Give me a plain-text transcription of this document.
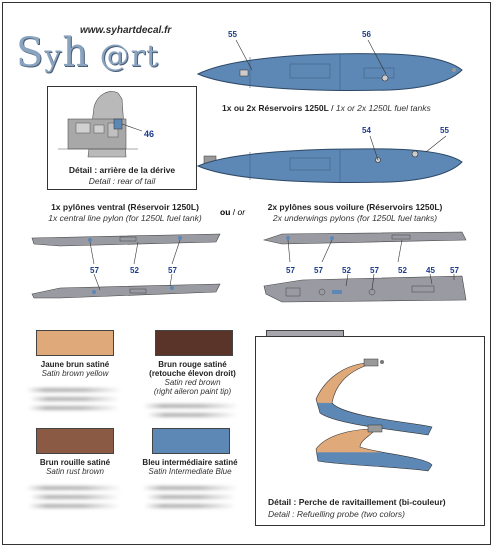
www.syhartdecal.fr
Syh @rt
55	56
1x ou 2x Réservoirs 1250L / 1x or 2x 1250L fuel tanks
54	55
46
Détail : arrière de la dérive
Detail : rear of tail
1x pylônes ventral (Réservoir 1250L)
1x central line pylon (for 1250L fuel tank)
ou / or	2x pylônes sous voilure (Réservoirs 1250L)
2x underwings pylons (for 1250L fuel tanks)
57	52	57	57 57 52 57 52 45 57
Jaune brun satiné
Satin brown yellow
Brun rouge satiné
(retouche élevon droit)
Satin red brown
(right aileron paint tip)
Brun rouille satiné
Satin rust brown
Bleu intermédiaire satiné
Satin Intermediate Blue
Détail : Perche de ravitaillement (bi-couleur)
Detail : Refuelling probe (two colors)
